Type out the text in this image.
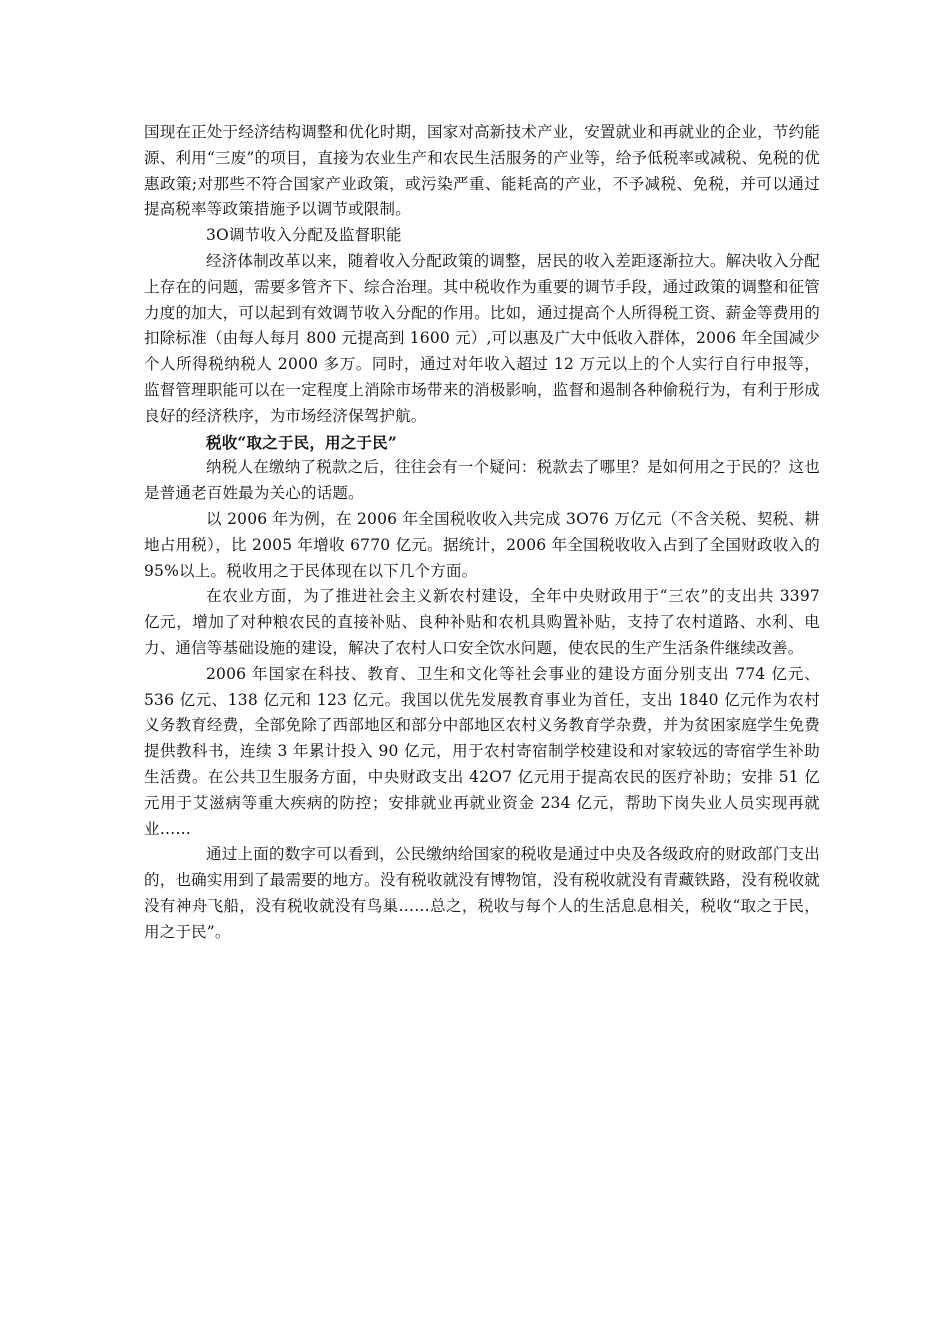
国现在正处于经济结构调整和优化时期，国家对高新技术产业，安置就业和再就业的企业，节约能源、利用“三废”的项目，直接为农业生产和农民生活服务的产业等，给予低税率或减税、免税的优惠政策;对那些不符合国家产业政策，或污染严重、能耗高的产业，不予减税、免税，并可以通过提高税率等政策措施予以调节或限制。

3O调节收入分配及监督职能

经济体制改革以来，随着收入分配政策的调整，居民的收入差距逐渐拉大。解决收入分配上存在的问题，需要多管齐下、综合治理。其中税收作为重要的调节手段，通过政策的调整和征管力度的加大，可以起到有效调节收入分配的作用。比如，通过提高个人所得税工资、薪金等费用的扣除标准（由每人每月 800 元提高到 1600 元）,可以惠及广大中低收入群体，2006 年全国减少个人所得税纳税人 2000 多万。同时，通过对年收入超过 12 万元以上的个人实行自行申报等，监督管理职能可以在一定程度上消除市场带来的消极影响，监督和遏制各种偷税行为，有利于形成良好的经济秩序，为市场经济保驾护航。

税收“取之于民，用之于民”

纳税人在缴纳了税款之后，往往会有一个疑问：税款去了哪里？是如何用之于民的？这也是普通老百姓最为关心的话题。

以 2006 年为例，在 2006 年全国税收收入共完成 3O76 万亿元（不含关税、契税、耕地占用税），比 2005 年增收 6770 亿元。据统计，2006 年全国税收收入占到了全国财政收入的 95%以上。税收用之于民体现在以下几个方面。

在农业方面，为了推进社会主义新农村建设，全年中央财政用于“三农”的支出共 3397 亿元，增加了对种粮农民的直接补贴、良种补贴和农机具购置补贴，支持了农村道路、水利、电力、通信等基础设施的建设，解决了农村人口安全饮水问题，使农民的生产生活条件继续改善。

2006 年国家在科技、教育、卫生和文化等社会事业的建设方面分别支出 774 亿元、536 亿元、138 亿元和 123 亿元。我国以优先发展教育事业为首任，支出 1840 亿元作为农村义务教育经费，全部免除了西部地区和部分中部地区农村义务教育学杂费，并为贫困家庭学生免费提供教科书，连续 3 年累计投入 90 亿元，用于农村寄宿制学校建设和对家较远的寄宿学生补助生活费。在公共卫生服务方面，中央财政支出 42O7 亿元用于提高农民的医疗补助；安排 51 亿元用于艾滋病等重大疾病的防控；安排就业再就业资金 234 亿元，帮助下岗失业人员实现再就业……

通过上面的数字可以看到，公民缴纳给国家的税收是通过中央及各级政府的财政部门支出的，也确实用到了最需要的地方。没有税收就没有博物馆，没有税收就没有青藏铁路，没有税收就没有神舟飞船，没有税收就没有鸟巢……总之，税收与每个人的生活息息相关，税收“取之于民，用之于民”。
